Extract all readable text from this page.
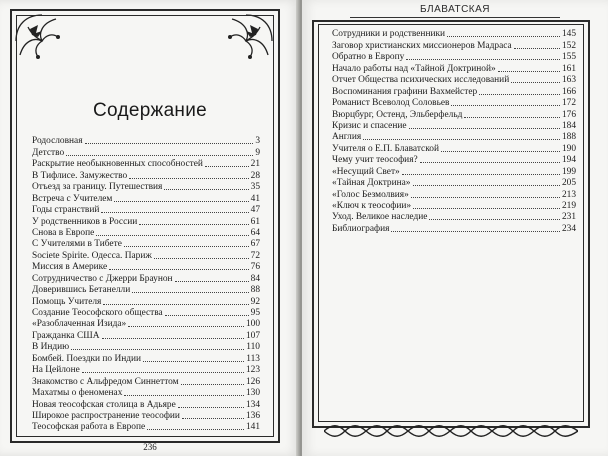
Содержание
Родословная	3
Детство	9
Раскрытие необыкновенных способностей	21
В Тифлисе. Замужество	28
Отъезд за границу. Путешествия	35
Встреча с Учителем	41
Годы странствий	47
У родственников в России	61
Снова в Европе	64
С Учителями в Тибете	67
Societe Spirite. Одесса. Париж	72
Миссия в Америке	76
Сотрудничество с Джерри Браунон	84
Доверившись Бетанелли	88
Помощь Учителя	92
Создание Теософского общества	95
«Разоблаченная Изида»	100
Гражданка США	107
В Индию	110
Бомбей. Поездки по Индии	113
На Цейлоне	123
Знакомство с Альфредом Синнеттом	126
Махатмы о феноменах	130
Новая теософская столица в Адьяре	134
Широкое распространение теософии	136
Теософская работа в Европе	141
236
БЛАВАТСКАЯ
Сотрудники и родственники	145
Заговор христианских миссионеров Мадраса	152
Обратно в Европу	155
Начало работы над «Тайной Доктриной»	161
Отчет Общества психических исследований	163
Воспоминания графини Вахмейстер	166
Романист Всеволод Соловьев	172
Вюрцбург, Остенд, Эльберфельд	176
Кризис и спасение	184
Англия	188
Учителя о Е.П. Блаватской	190
Чему учит теософия?	194
«Несущий Свет»	199
«Тайная Доктрина»	205
«Голос Безмолвия»	213
«Ключ к теософии»	219
Уход. Великое наследие	231
Библиография	234
